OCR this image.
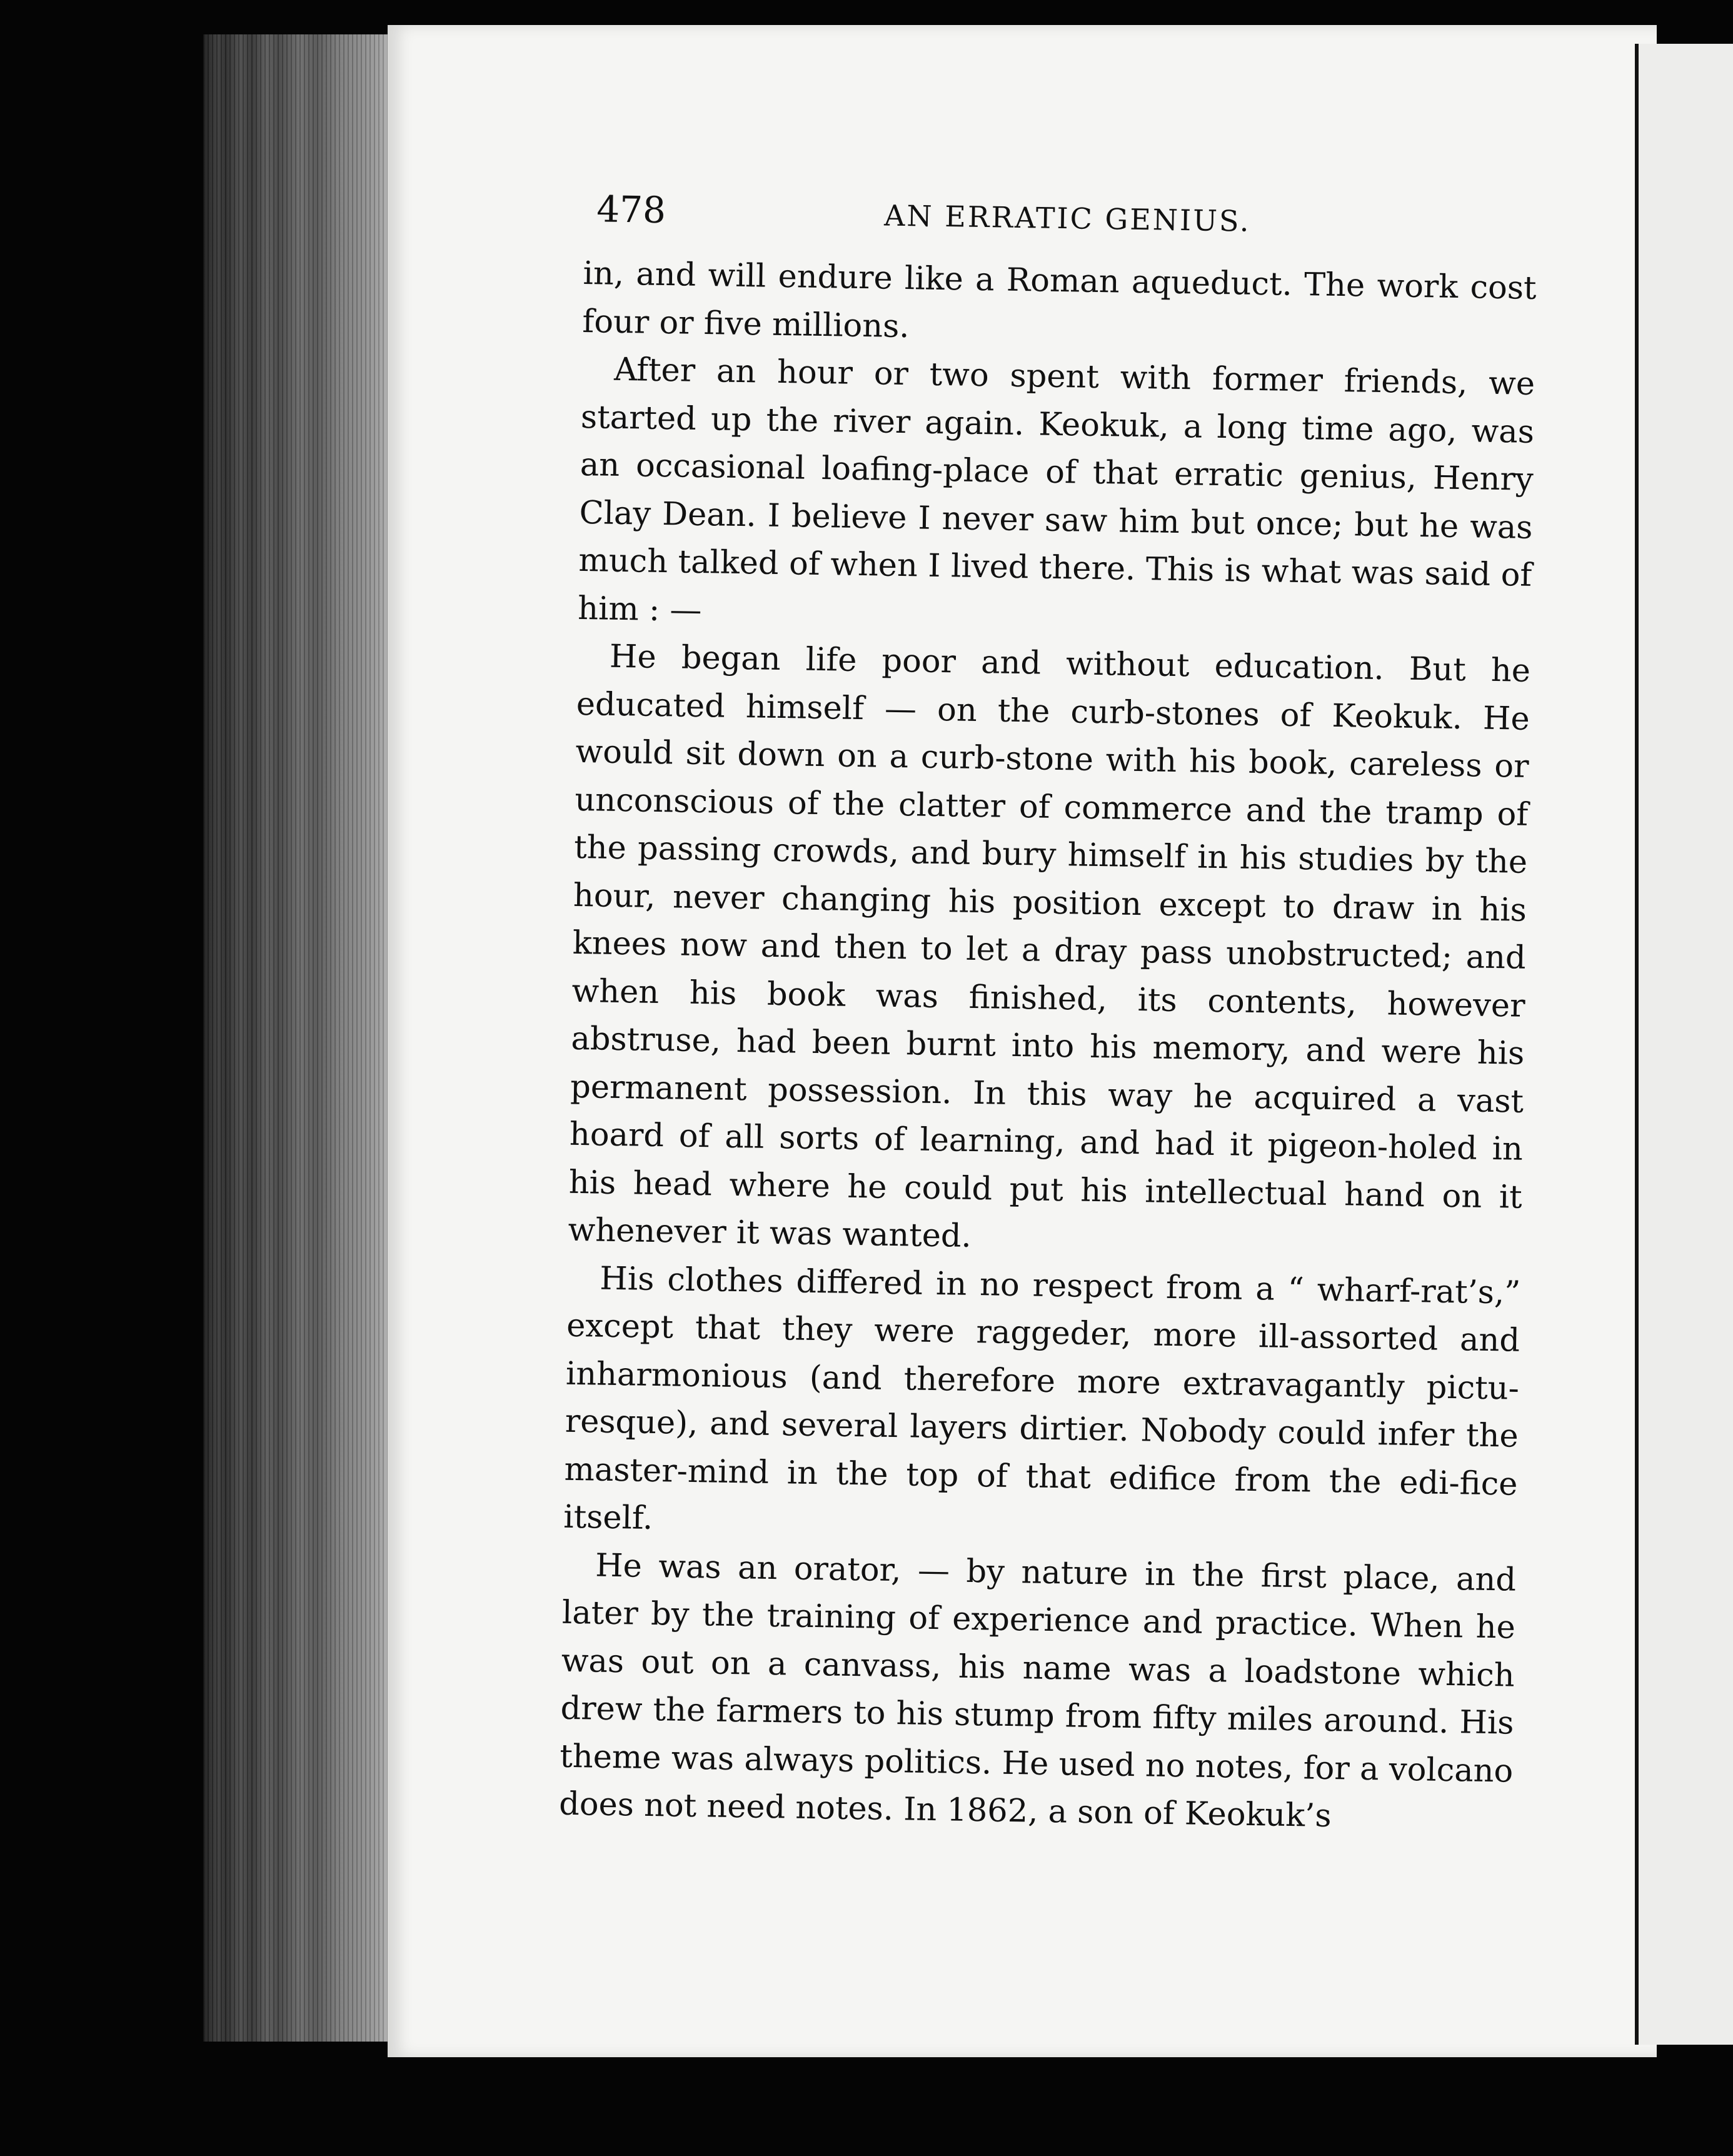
478	AN ERRATIC GENIUS.

in, and will endure like a Roman aqueduct. The work cost four or five millions.

After an hour or two spent with former friends, we started up the river again. Keokuk, a long time ago, was an occasional loafing-place of that erratic genius, Henry Clay Dean. I believe I never saw him but once; but he was much talked of when I lived there. This is what was said of him : —

He began life poor and without education. But he educated himself — on the curb-stones of Keokuk. He would sit down on a curb-stone with his book, careless or unconscious of the clatter of commerce and the tramp of the passing crowds, and bury himself in his studies by the hour, never changing his position except to draw in his knees now and then to let a dray pass unobstructed; and when his book was finished, its contents, however abstruse, had been burnt into his memory, and were his permanent possession. In this way he acquired a vast hoard of all sorts of learning, and had it pigeon-holed in his head where he could put his intellectual hand on it whenever it was wanted.

His clothes differed in no respect from a “ wharf-rat’s,” except that they were raggeder, more ill-assorted and inharmonious (and therefore more extravagantly pictu-resque), and several layers dirtier. Nobody could infer the master-mind in the top of that edifice from the edi-fice itself.

He was an orator, — by nature in the first place, and later by the training of experience and practice. When he was out on a canvass, his name was a loadstone which drew the farmers to his stump from fifty miles around. His theme was always politics. He used no notes, for a volcano does not need notes. In 1862, a son of Keokuk’s
